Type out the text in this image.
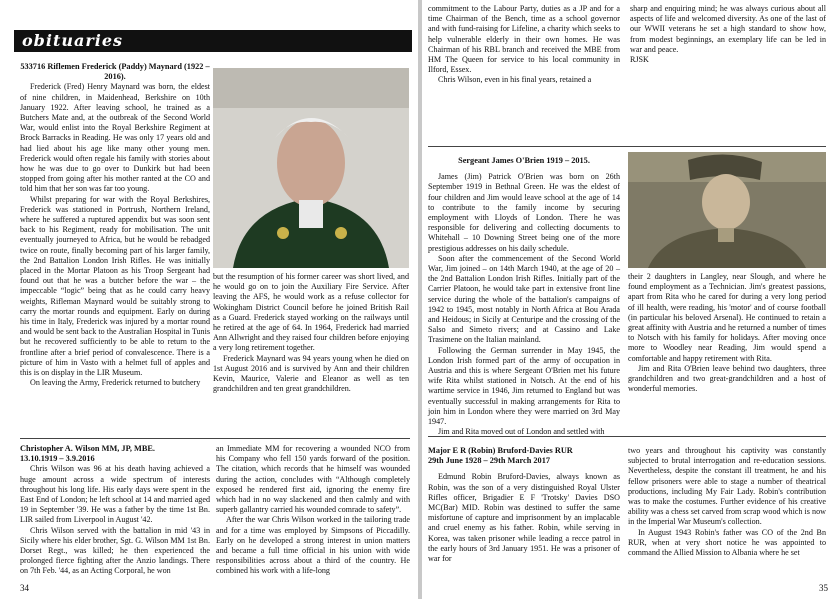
obituaries

533716 Riflemen Frederick (Paddy) Maynard (1922 – 2016).

Frederick (Fred) Henry Maynard was born, the eldest of nine children, in Maidenhead, Berkshire on 10th January 1922. After leaving school, he trained as a Butchers Mate and, at the outbreak of the Second World War, would enlist into the Royal Berkshire Regiment at Brock Barracks in Reading. He was only 17 years old and had lied about his age like many other young men. Frederick would often regale his family with stories about how he was due to go over to Dunkirk but had been stopped from going after his mother ranted at the CO and told him that her son was far too young.

Whilst preparing for war with the Royal Berkshires, Frederick was stationed in Portrush, Northern Ireland, where he suffered a ruptured appendix but was soon sent back to his Regiment, ready for mobilisation. The unit eventually journeyed to Africa, but he would be rebadged twice on route, finally becoming part of his larger family, the 2nd Battalion London Irish Rifles. He was initially placed in the Mortar Platoon as his Troop Sergeant had found out that he was a butcher before the war – the impeccable “logic” being that as he could carry heavy weights, Rifleman Maynard would be suitably strong to carry the mortar rounds and equipment. Early on during his time in Italy, Frederick was injured by a mortar round and would be sent back to the Australian Hospital in Tunis but he recovered sufficiently to be able to return to the frontline after a brief period of convalescence. There is a picture of him in Vasto with a helmet full of apples and this is on display in the LIR Museum.

On leaving the Army, Frederick returned to butchery

but the resumption of his former career was short lived, and he would go on to join the Auxiliary Fire Service. After leaving the AFS, he would work as a refuse collector for Wokingham District Council before he joined British Rail as a Guard. Frederick stayed working on the railways until he retired at the age of 64. In 1964, Frederick had married Ann Allwright and they raised four children before enjoying a very long retirement together.

Frederick Maynard was 94 years young when he died on 1st August 2016 and is survived by Ann and their children Kevin, Maurice, Valerie and Eleanor as well as ten grandchildren and ten great grandchildren.

Christopher A. Wilson MM, JP, MBE.

13.10.1919 – 3.9.2016

Chris Wilson was 96 at his death having achieved a huge amount across a wide spectrum of interests throughout his long life. His early days were spent in the East End of London; he left school at 14 and married aged 19 in September '39. He was a father by the time 1st Bn. LIR sailed from Liverpool in August '42.

Chris Wilson served with the battalion in mid '43 in Sicily where his elder brother, Sgt. G. Wilson MM 1st Bn. Dorset Regt., was killed; he then experienced the prolonged fierce fighting after the Anzio landings. There on 7th Feb. '44, as an Acting Corporal, he won

an Immediate MM for recovering a wounded NCO from his Company who fell 150 yards forward of the position. The citation, which records that he himself was wounded during the action, concludes with “Although completely exposed he rendered first aid, ignoring the enemy fire which had in no way slackened and then calmly and with superb gallantry carried his wounded comrade to safety”.

After the war Chris Wilson worked in the tailoring trade and for a time was employed by Simpsons of Piccadilly. Early on he developed a strong interest in union matters and became a full time official in his union with wide responsibilities across about a third of the country. He combined his work with a life-long

34

commitment to the Labour Party, duties as a JP and for a time Chairman of the Bench, time as a school governor and with fund-raising for Lifeline, a charity which seeks to help vulnerable elderly in their own homes. He was Chairman of his RBL branch and received the MBE from HM The Queen for service to his local community in Ilford, Essex.

Chris Wilson, even in his final years, retained a

sharp and enquiring mind; he was always curious about all aspects of life and welcomed diversity. As one of the last of our WWII veterans he set a high standard to show how, from modest beginnings, an exemplary life can be led in war and peace.

RJSK

Sergeant James O'Brien 1919 – 2015.

James (Jim) Patrick O'Brien was born on 26th September 1919 in Bethnal Green. He was the eldest of four children and Jim would leave school at the age of 14 to contribute to the family income by securing employment with Lloyds of London. There he was responsible for delivering and collecting documents to Whitehall – 10 Downing Street being one of the more prestigious addresses on his daily schedule.

Soon after the commencement of the Second World War, Jim joined – on 14th March 1940, at the age of 20 – the 2nd Battalion London Irish Rifles. Initially part of the Carrier Platoon, he would take part in extensive front line service during the whole of the battalion's campaigns of 1942 to 1945, most notably in North Africa at Bou Arada and Heidous; in Sicily at Centuripe and the crossing of the Salso and Simeto rivers; and at Cassino and Lake Trasimene on the Italian mainland.

Following the German surrender in May 1945, the London Irish formed part of the army of occupation in Austria and this is where Sergeant O'Brien met his future wife Rita whilst stationed in Notsch. At the end of his wartime service in 1946, Jim returned to England but was eventually successful in making arrangements for Rita to join him in London where they were married on 3rd May 1947.

Jim and Rita moved out of London and settled with

their 2 daughters in Langley, near Slough, and where he found employment as a Technician. Jim's greatest passions, apart from Rita who he cared for during a very long period of ill health, were reading, his 'motor' and of course football (in particular his beloved Arsenal). He continued to retain a great affinity with Austria and he returned a number of times to Notsch with his family for holidays. After moving once more to Woodley near Reading, Jim would spend a comfortable and happy retirement with Rita.

Jim and Rita O'Brien leave behind two daughters, three grandchildren and two great-grandchildren and a host of wonderful memories.

Major E R (Robin) Bruford-Davies RUR

29th June 1928 – 29th March 2017

Edmund Robin Bruford-Davies, always known as Robin, was the son of a very distinguished Royal Ulster Rifles officer, Brigadier E F 'Trotsky' Davies DSO MC(Bar) MID. Robin was destined to suffer the same misfortune of capture and imprisonment by an implacable and cruel enemy as his father. Robin, while serving in Korea, was taken prisoner while leading a recce patrol in the early hours of 3rd January 1951. He was a prisoner of war for

two years and throughout his captivity was constantly subjected to brutal interrogation and re-education sessions. Nevertheless, despite the constant ill treatment, he and his fellow prisoners were able to stage a number of theatrical productions, including My Fair Lady. Robin's contribution was to make the costumes. Further evidence of his creative ability was a chess set carved from scrap wood which is now in the Imperial War Museum's collection.

In August 1943 Robin's father was CO of the 2nd Bn RUR, when at very short notice he was appointed to command the Allied Mission to Albania where he set

35
